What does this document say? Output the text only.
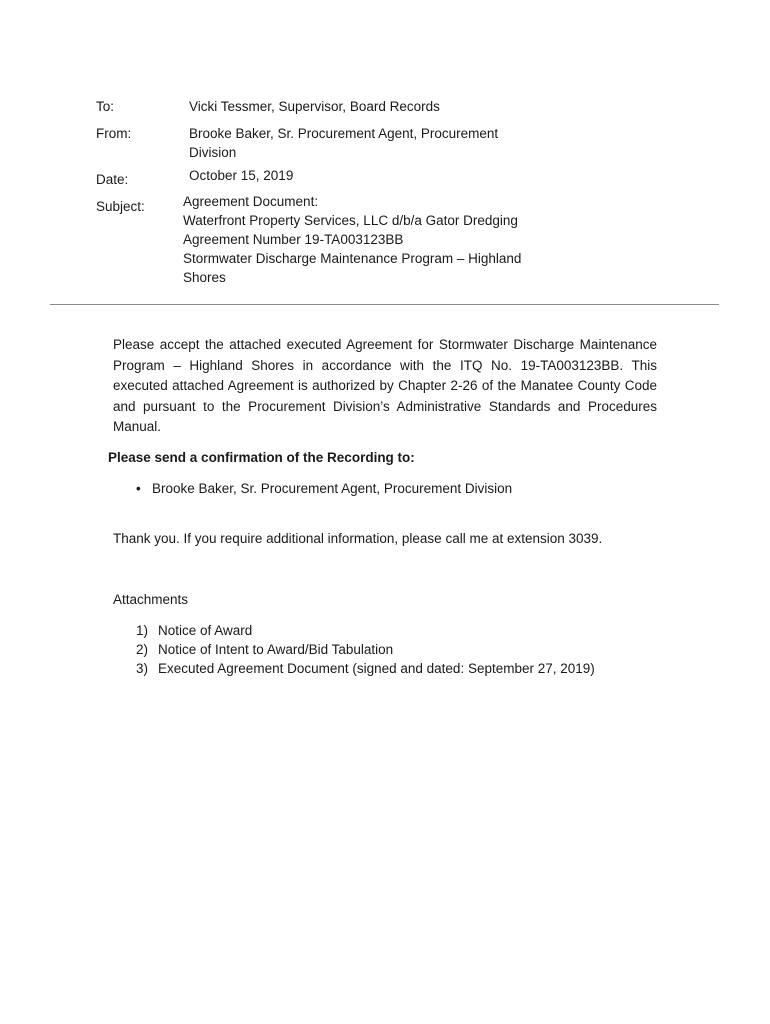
To:	Vicki Tessmer, Supervisor, Board Records
From:	Brooke Baker, Sr. Procurement Agent, Procurement
Division
Date:	October 15, 2019
Subject:	Agreement Document:
Waterfront Property Services, LLC d/b/a Gator Dredging
Agreement Number 19-TA003123BB
Stormwater Discharge Maintenance Program – Highland
Shores
Please accept the attached executed Agreement for Stormwater Discharge Maintenance Program – Highland Shores in accordance with the ITQ No. 19-TA003123BB. This executed attached Agreement is authorized by Chapter 2-26 of the Manatee County Code and pursuant to the Procurement Division’s Administrative Standards and Procedures Manual.
Please send a confirmation of the Recording to:
• Brooke Baker, Sr. Procurement Agent, Procurement Division
Thank you. If you require additional information, please call me at extension 3039.
Attachments
1) Notice of Award
2) Notice of Intent to Award/Bid Tabulation
3) Executed Agreement Document (signed and dated: September 27, 2019)
